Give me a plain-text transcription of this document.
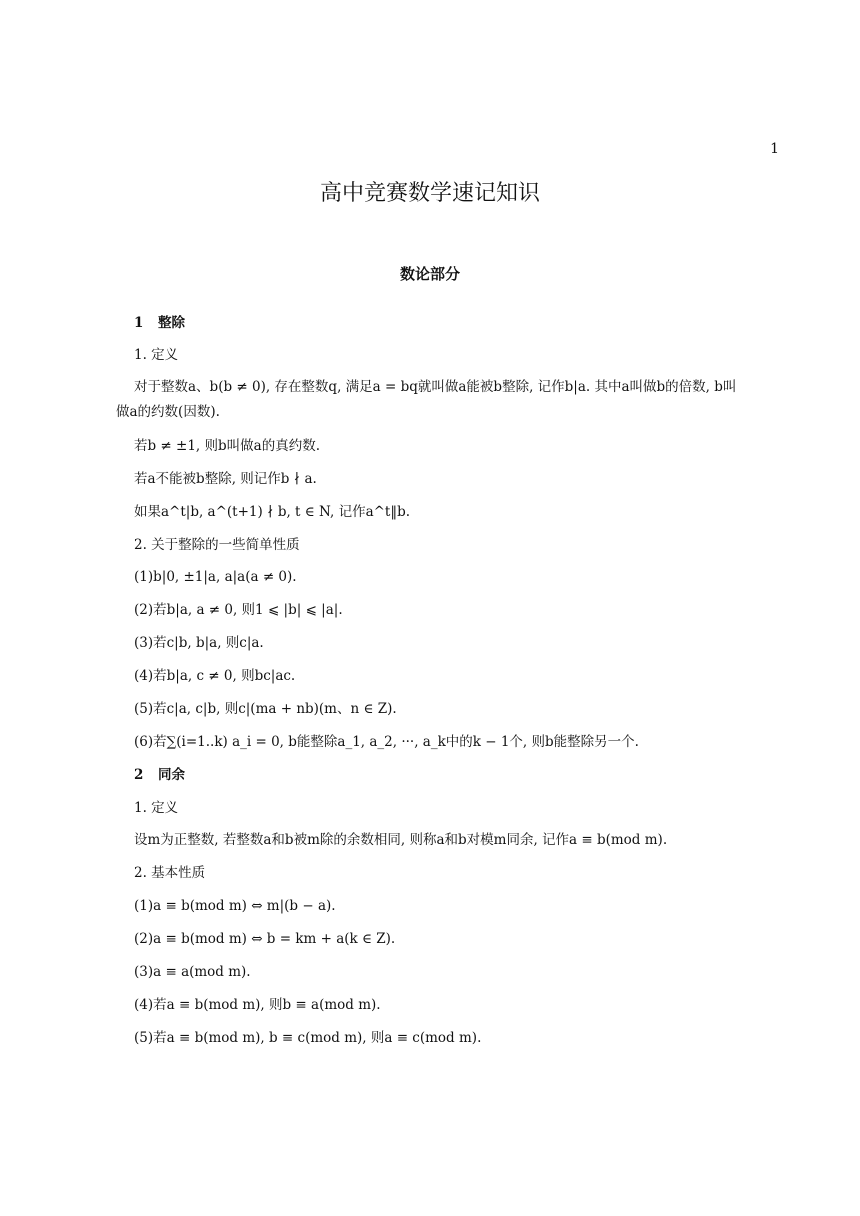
1
高中竞赛数学速记知识
数论部分
1 整除
1. 定义
对于整数a、b(b ≠ 0), 存在整数q, 满足a = bq就叫做a能被b整除, 记作b|a. 其中a叫做b的倍数, b叫
做a的约数(因数).
若b ≠ ±1, 则b叫做a的真约数.
若a不能被b整除, 则记作b ∤ a.
如果a^t|b, a^(t+1) ∤ b, t ∈ N, 记作a^t‖b.
2. 关于整除的一些简单性质
(1)b|0, ±1|a, a|a(a ≠ 0).
(2)若b|a, a ≠ 0, 则1 ⩽ |b| ⩽ |a|.
(3)若c|b, b|a, 则c|a.
(4)若b|a, c ≠ 0, 则bc|ac.
(5)若c|a, c|b, 则c|(ma + nb)(m、n ∈ Z).
(6)若∑(i=1..k) a_i = 0, b能整除a_1, a_2, ···, a_k中的k − 1个, 则b能整除另一个.
2 同余
1. 定义
设m为正整数, 若整数a和b被m除的余数相同, 则称a和b对模m同余, 记作a ≡ b(mod m).
2. 基本性质
(1)a ≡ b(mod m) ⇔ m|(b − a).
(2)a ≡ b(mod m) ⇔ b = km + a(k ∈ Z).
(3)a ≡ a(mod m).
(4)若a ≡ b(mod m), 则b ≡ a(mod m).
(5)若a ≡ b(mod m), b ≡ c(mod m), 则a ≡ c(mod m).
